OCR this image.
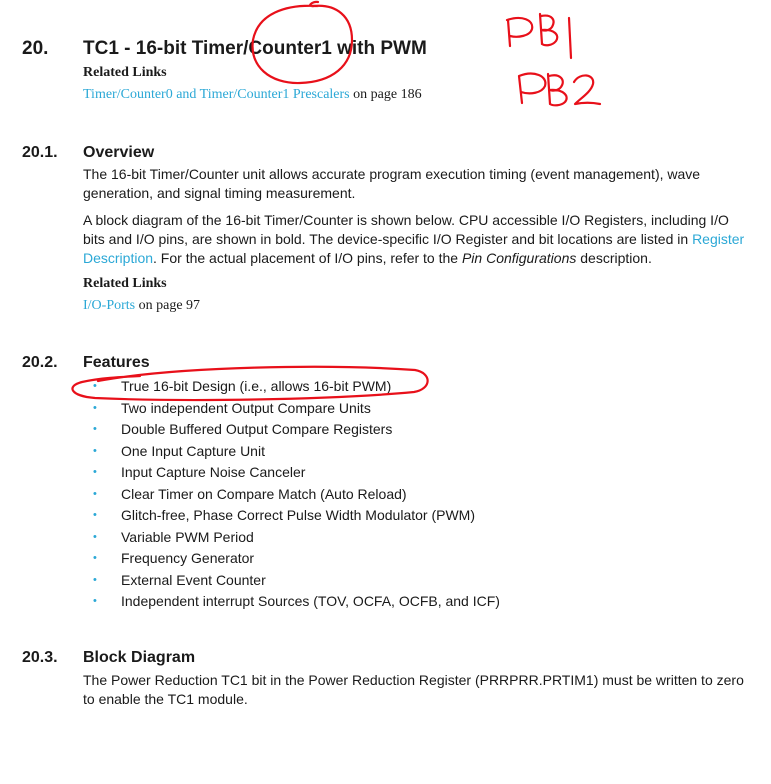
20. TC1 - 16-bit Timer/Counter1 with PWM
Related Links
Timer/Counter0 and Timer/Counter1 Prescalers on page 186
20.1. Overview
The 16-bit Timer/Counter unit allows accurate program execution timing (event management), wave generation, and signal timing measurement.
A block diagram of the 16-bit Timer/Counter is shown below. CPU accessible I/O Registers, including I/O bits and I/O pins, are shown in bold. The device-specific I/O Register and bit locations are listed in Register Description. For the actual placement of I/O pins, refer to the Pin Configurations description.
Related Links
I/O-Ports on page 97
20.2. Features
• True 16-bit Design (i.e., allows 16-bit PWM)
• Two independent Output Compare Units
• Double Buffered Output Compare Registers
• One Input Capture Unit
• Input Capture Noise Canceler
• Clear Timer on Compare Match (Auto Reload)
• Glitch-free, Phase Correct Pulse Width Modulator (PWM)
• Variable PWM Period
• Frequency Generator
• External Event Counter
• Independent interrupt Sources (TOV, OCFA, OCFB, and ICF)
20.3. Block Diagram
The Power Reduction TC1 bit in the Power Reduction Register (PRRPRR.PRTIM1) must be written to zero to enable the TC1 module.
